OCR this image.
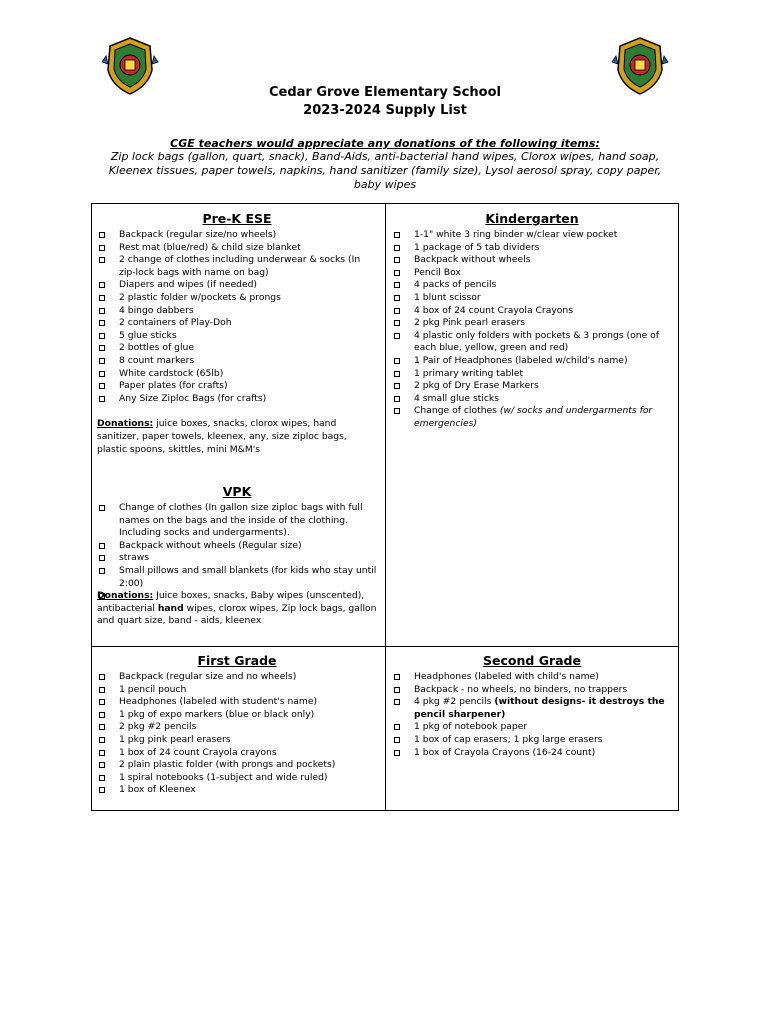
Cedar Grove Elementary School
2023-2024 Supply List
CGE teachers would appreciate any donations of the following items:
Zip lock bags (gallon, quart, snack), Band-Aids, anti-bacterial hand wipes, Clorox wipes, hand soap, Kleenex tissues, paper towels, napkins, hand sanitizer (family size), Lysol aerosol spray, copy paper, baby wipes
Pre-K ESE
Backpack (regular size/no wheels)
Rest mat (blue/red) & child size blanket
2 change of clothes including underwear & socks (In zip-lock bags with name on bag)
Diapers and wipes (if needed)
2 plastic folder w/pockets & prongs
4 bingo dabbers
2 containers of Play-Doh
5 glue sticks
2 bottles of glue
8 count markers
White cardstock (65lb)
Paper plates (for crafts)
Any Size Ziploc Bags (for crafts)

Donations: juice boxes, snacks, clorox wipes, hand sanitizer, paper towels, kleenex, any, size ziploc bags, plastic spoons, skittles, mini M&M's

VPK
Change of clothes (In gallon size ziploc bags with full names on the bags and the inside of the clothing. Including socks and undergarments).
Backpack without wheels (Regular size)
straws
Small pillows and small blankets (for kids who stay until 2:00)

Donations: Juice boxes, snacks, Baby wipes (unscented), antibacterial hand wipes, clorox wipes, Zip lock bags, gallon and quart size, band - aids, kleenex

Kindergarten
1-1" white 3 ring binder w/clear view pocket
1 package of 5 tab dividers
Backpack without wheels
Pencil Box
4 packs of pencils
1 blunt scissor
4 box of 24 count Crayola Crayons
2 pkg Pink pearl erasers
4 plastic only folders with pockets & 3 prongs (one of each blue, yellow, green and red)
1 Pair of Headphones (labeled w/child's name)
1 primary writing tablet
2 pkg of Dry Erase Markers
4 small glue sticks
Change of clothes (w/ socks and undergarments for emergencies)
First Grade
Backpack (regular size and no wheels)
1 pencil pouch
Headphones (labeled with student's name)
1 pkg of expo markers (blue or black only)
2 pkg #2 pencils
1 pkg pink pearl erasers
1 box of 24 count Crayola crayons
2 plain plastic folder (with prongs and pockets)
1 spiral notebooks (1-subject and wide ruled)
1 box of Kleenex
Second Grade
Headphones (labeled with child's name)
Backpack - no wheels, no binders, no trappers
4 pkg #2 pencils (without designs- it destroys the pencil sharpener)
1 pkg of notebook paper
1 box of cap erasers; 1 pkg large erasers
1 box of Crayola Crayons (16-24 count)
